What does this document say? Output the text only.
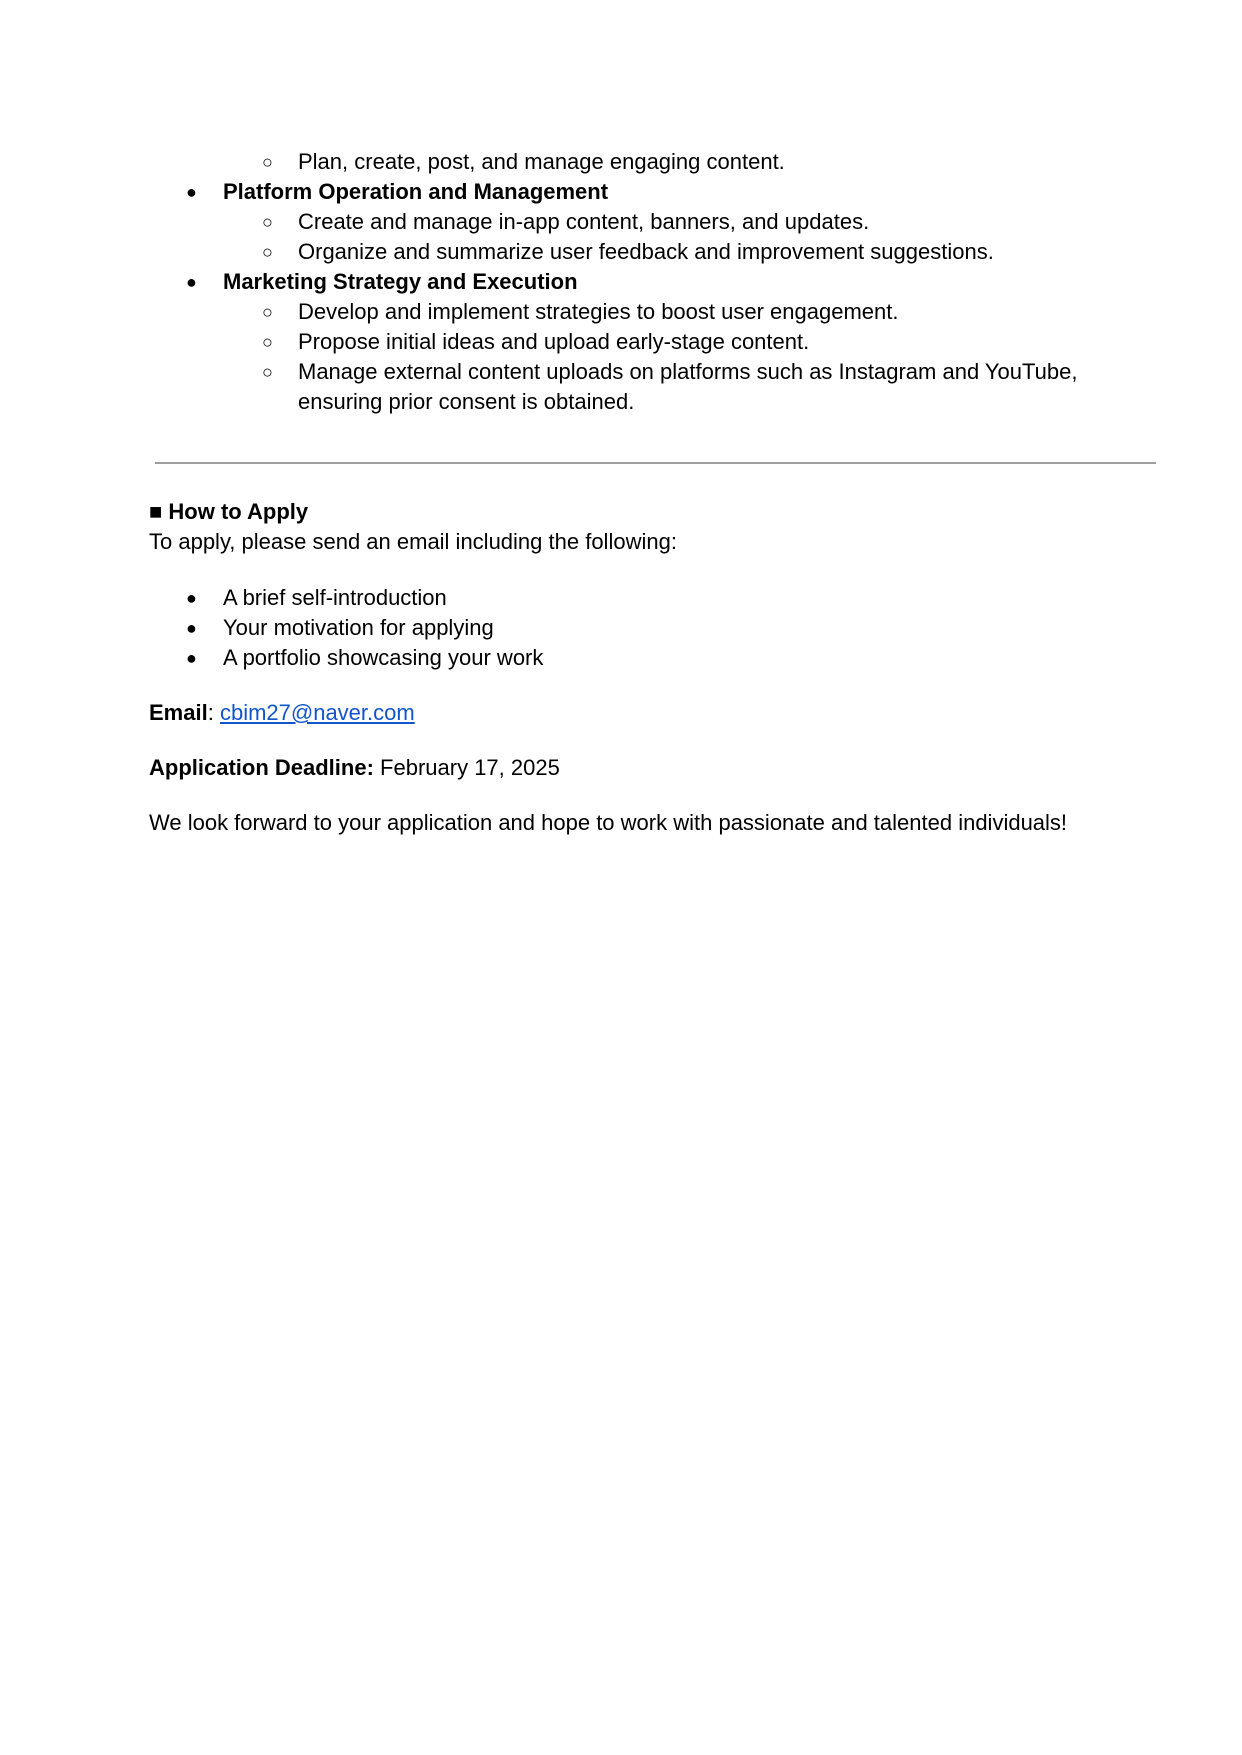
○ Plan, create, post, and manage engaging content.
● Platform Operation and Management
○ Create and manage in-app content, banners, and updates.
○ Organize and summarize user feedback and improvement suggestions.
● Marketing Strategy and Execution
○ Develop and implement strategies to boost user engagement.
○ Propose initial ideas and upload early-stage content.
○ Manage external content uploads on platforms such as Instagram and YouTube,
ensuring prior consent is obtained.
■ How to Apply
To apply, please send an email including the following:
● A brief self-introduction
● Your motivation for applying
● A portfolio showcasing your work
Email: cbim27@naver.com
Application Deadline: February 17, 2025
We look forward to your application and hope to work with passionate and talented individuals!
